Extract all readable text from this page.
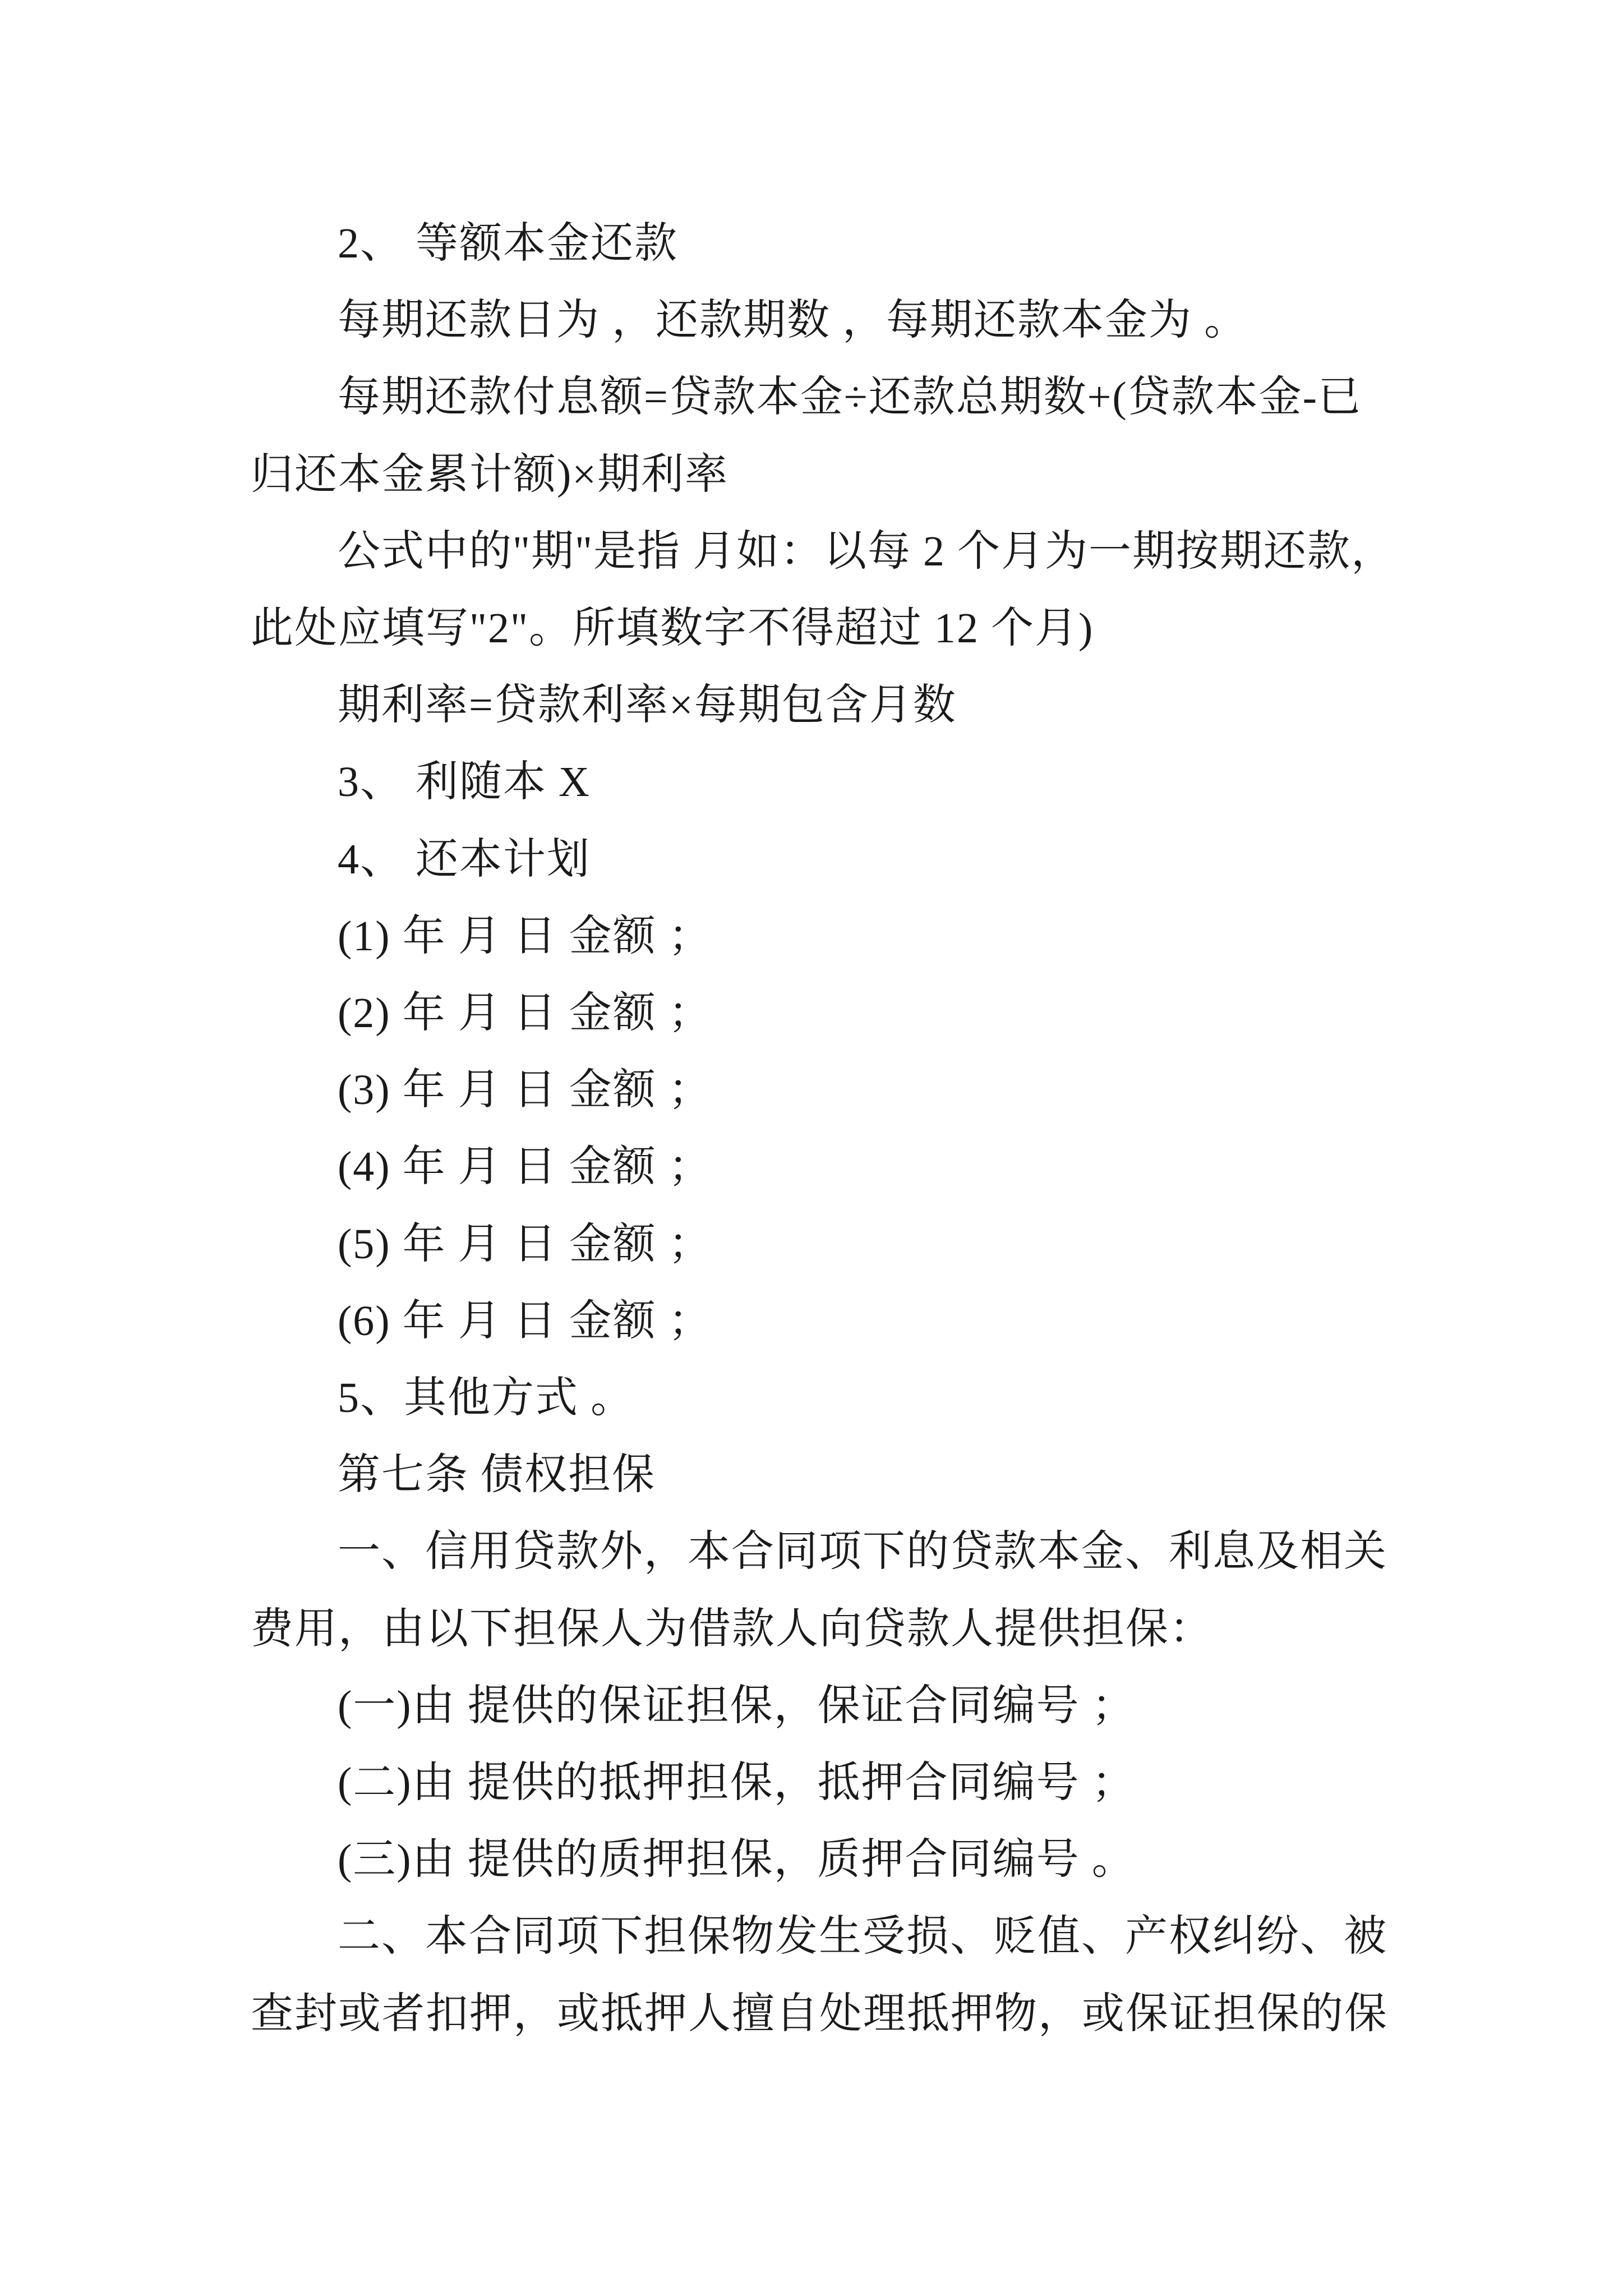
2、 等额本金还款

每期还款日为 ，还款期数 ，每期还款本金为 。

每期还款付息额=贷款本金÷还款总期数+(贷款本金-已

归还本金累计额)×期利率

公式中的"期"是指 月如：以每 2 个月为一期按期还款，

此处应填写"2"。所填数字不得超过 12 个月)

期利率=贷款利率×每期包含月数

3、 利随本 X

4、 还本计划

(1) 年 月 日 金额 ；

(2) 年 月 日 金额 ；

(3) 年 月 日 金额 ；

(4) 年 月 日 金额 ；

(5) 年 月 日 金额 ；

(6) 年 月 日 金额 ；

5、其他方式 。

第七条 债权担保

一、信用贷款外，本合同项下的贷款本金、利息及相关

费用，由以下担保人为借款人向贷款人提供担保：

(一)由 提供的保证担保，保证合同编号 ；

(二)由 提供的抵押担保，抵押合同编号 ；

(三)由 提供的质押担保，质押合同编号 。

二、本合同项下担保物发生受损、贬值、产权纠纷、被

查封或者扣押，或抵押人擅自处理抵押物，或保证担保的保
